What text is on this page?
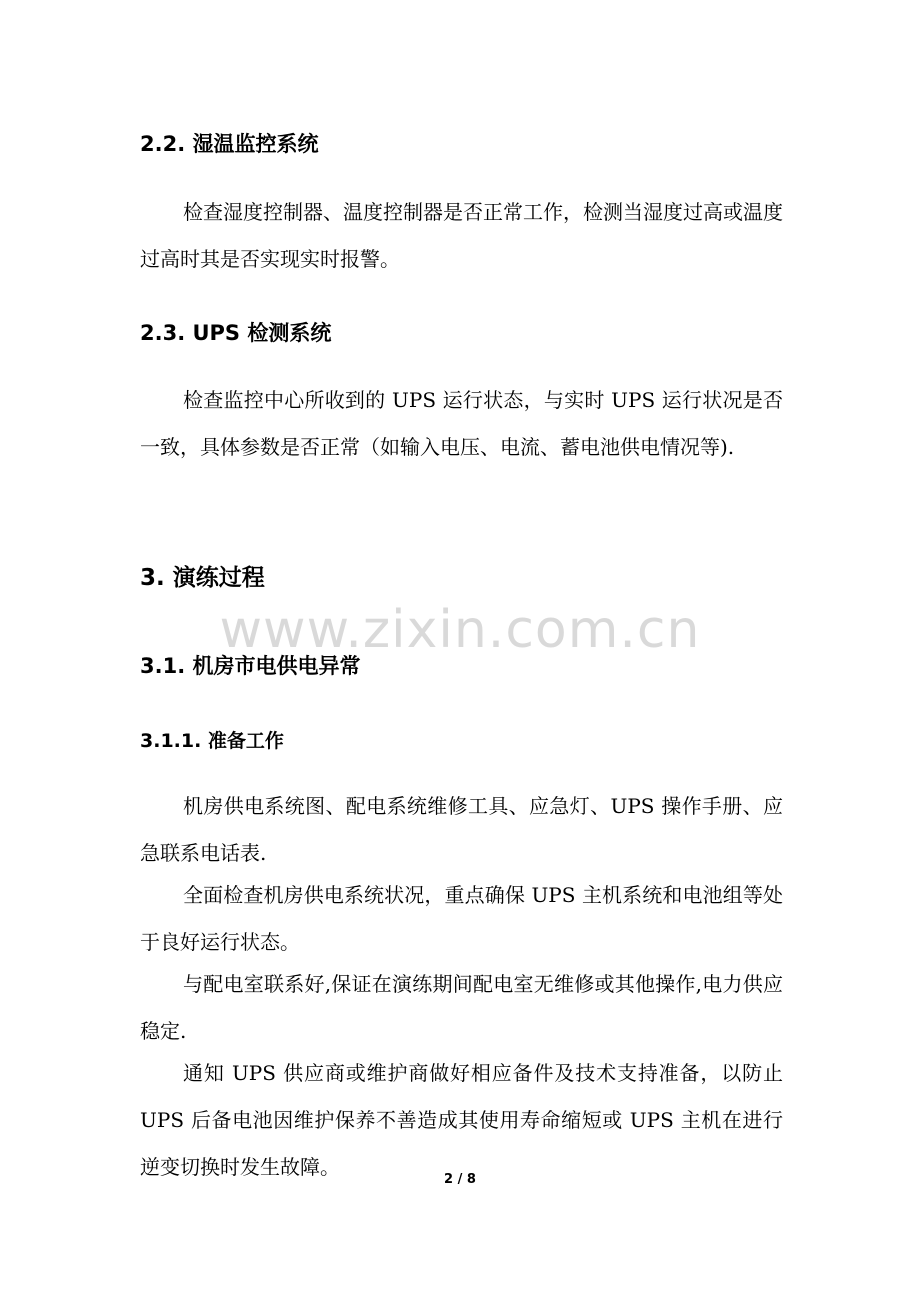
2.2. 湿温监控系统

检查湿度控制器、温度控制器是否正常工作，检测当湿度过高或温度过高时其是否实现实时报警。

2.3. UPS 检测系统

检查监控中心所收到的 UPS 运行状态，与实时 UPS 运行状况是否一致，具体参数是否正常（如输入电压、电流、蓄电池供电情况等).

3. 演练过程
www.zixin.com.cn
3.1. 机房市电供电异常
3.1.1. 准备工作

机房供电系统图、配电系统维修工具、应急灯、UPS 操作手册、应急联系电话表.

全面检查机房供电系统状况，重点确保 UPS 主机系统和电池组等处于良好运行状态。

与配电室联系好,保证在演练期间配电室无维修或其他操作,电力供应稳定.

通知 UPS 供应商或维护商做好相应备件及技术支持准备，以防止 UPS 后备电池因维护保养不善造成其使用寿命缩短或 UPS 主机在进行逆变切换时发生故障。

2 / 8
